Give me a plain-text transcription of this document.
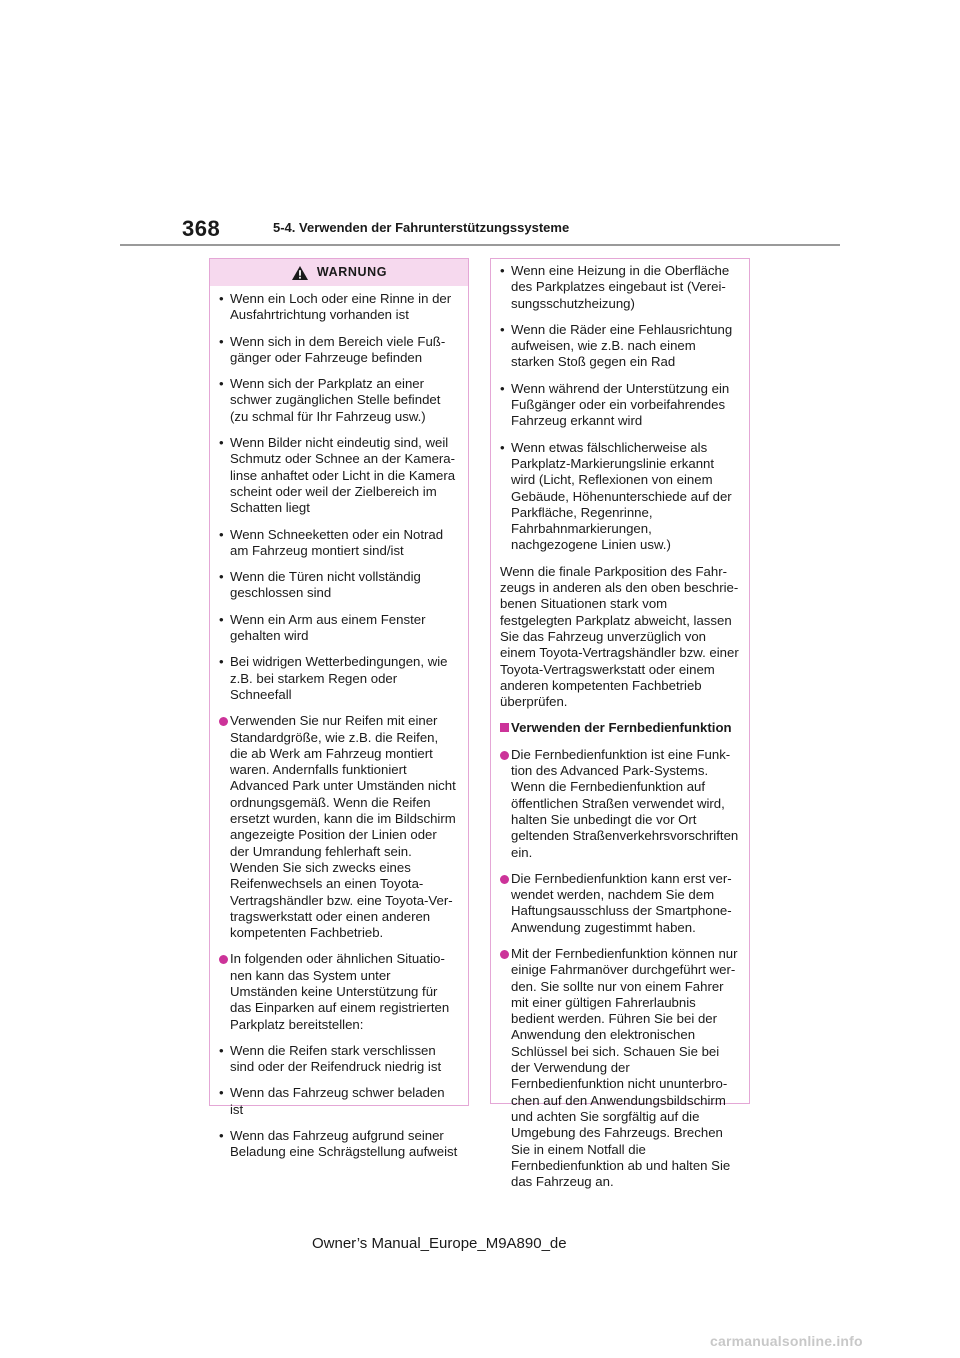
368	5-4. Verwenden der Fahrunterstützungssysteme
WARNUNG
• Wenn ein Loch oder eine Rinne in der Ausfahrtrichtung vorhanden ist
• Wenn sich in dem Bereich viele Fußgänger oder Fahrzeuge befinden
• Wenn sich der Parkplatz an einer schwer zugänglichen Stelle befindet (zu schmal für Ihr Fahrzeug usw.)
• Wenn Bilder nicht eindeutig sind, weil Schmutz oder Schnee an der Kameralinse anhaftet oder Licht in die Kamera scheint oder weil der Zielbereich im Schatten liegt
• Wenn Schneeketten oder ein Notrad am Fahrzeug montiert sind/ist
• Wenn die Türen nicht vollständig geschlossen sind
• Wenn ein Arm aus einem Fenster gehalten wird
• Bei widrigen Wetterbedingungen, wie z.B. bei starkem Regen oder Schneefall
Verwenden Sie nur Reifen mit einer Standardgröße, wie z.B. die Reifen, die ab Werk am Fahrzeug montiert waren. Andernfalls funktioniert Advanced Park unter Umständen nicht ordnungsgemäß. Wenn die Reifen ersetzt wurden, kann die im Bildschirm angezeigte Position der Linien oder der Umrandung fehlerhaft sein. Wenden Sie sich zwecks eines Reifenwechsels an einen Toyota-Vertragshändler bzw. eine Toyota-Vertragswerkstatt oder einen anderen kompetenten Fachbetrieb.
In folgenden oder ähnlichen Situationen kann das System unter Umständen keine Unterstützung für das Einparken auf einem registrierten Parkplatz bereitstellen:
• Wenn die Reifen stark verschlissen sind oder der Reifendruck niedrig ist
• Wenn das Fahrzeug schwer beladen ist
• Wenn das Fahrzeug aufgrund seiner Beladung eine Schrägstellung aufweist
• Wenn eine Heizung in die Oberfläche des Parkplatzes eingebaut ist (Vereisungsschutzheizung)
• Wenn die Räder eine Fehlausrichtung aufweisen, wie z.B. nach einem starken Stoß gegen ein Rad
• Wenn während der Unterstützung ein Fußgänger oder ein vorbeifahrendes Fahrzeug erkannt wird
• Wenn etwas fälschlicherweise als Parkplatz-Markierungslinie erkannt wird (Licht, Reflexionen von einem Gebäude, Höhenunterschiede auf der Parkfläche, Regenrinne, Fahrbahnmarkierungen, nachgezogene Linien usw.)
Wenn die finale Parkposition des Fahrzeugs in anderen als den oben beschriebenen Situationen stark vom festgelegten Parkplatz abweicht, lassen Sie das Fahrzeug unverzüglich von einem Toyota-Vertragshändler bzw. einer Toyota-Vertragswerkstatt oder einem anderen kompetenten Fachbetrieb überprüfen.
Verwenden der Fernbedienfunktion
Die Fernbedienfunktion ist eine Funktion des Advanced Park-Systems. Wenn die Fernbedienfunktion auf öffentlichen Straßen verwendet wird, halten Sie unbedingt die vor Ort geltenden Straßenverkehrsvorschriften ein.
Die Fernbedienfunktion kann erst verwendet werden, nachdem Sie dem Haftungsausschluss der Smartphone-Anwendung zugestimmt haben.
Mit der Fernbedienfunktion können nur einige Fahrmanöver durchgeführt werden. Sie sollte nur von einem Fahrer mit einer gültigen Fahrerlaubnis bedient werden. Führen Sie bei der Anwendung den elektronischen Schlüssel bei sich. Schauen Sie bei der Verwendung der Fernbedienfunktion nicht ununterbrochen auf den Anwendungsbildschirm und achten Sie sorgfältig auf die Umgebung des Fahrzeugs. Brechen Sie in einem Notfall die Fernbedienfunktion ab und halten Sie das Fahrzeug an.
Owner’s Manual_Europe_M9A890_de
carmanualsonline.info
